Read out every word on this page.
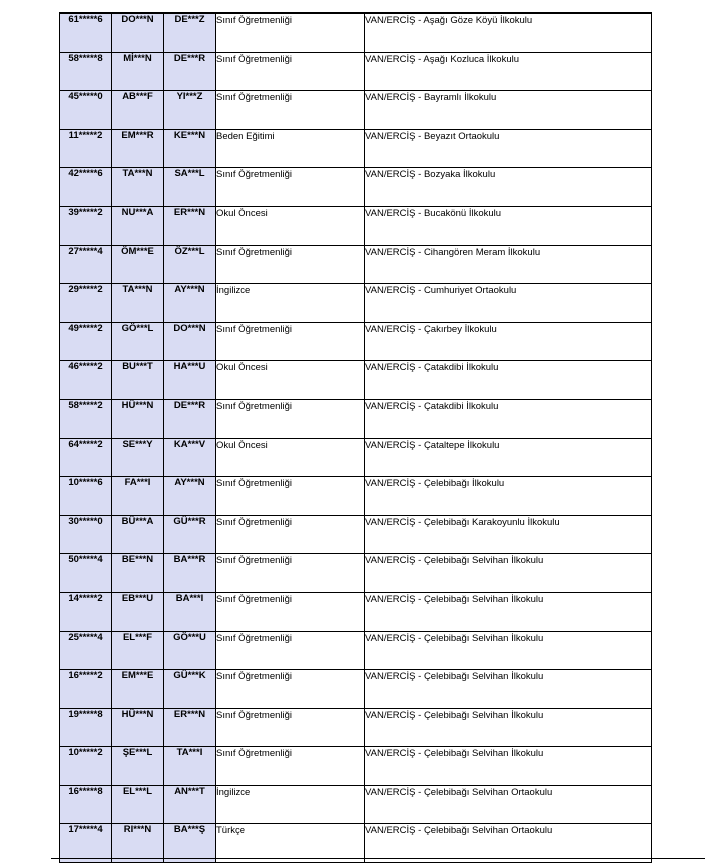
61*****6	DO***N	DE***Z	Sınıf Öğretmenliği	VAN/ERCİŞ - Aşağı Göze Köyü İlkokulu

58*****8	Mİ***N	DE***R	Sınıf Öğretmenliği	VAN/ERCİŞ - Aşağı Kozluca İlkokulu

45*****0	AB***F	YI***Z	Sınıf Öğretmenliği	VAN/ERCİŞ - Bayramlı İlkokulu

11*****2	EM***R	KE***N	Beden Eğitimi	VAN/ERCİŞ - Beyazıt Ortaokulu

42*****6	TA***N	SA***L	Sınıf Öğretmenliği	VAN/ERCİŞ - Bozyaka İlkokulu

39*****2	NU***A	ER***N	Okul Öncesi	VAN/ERCİŞ - Bucakönü İlkokulu

27*****4	ÖM***E	ÖZ***L	Sınıf Öğretmenliği	VAN/ERCİŞ - Cihangören Meram İlkokulu

29*****2	TA***N	AY***N	İngilizce	VAN/ERCİŞ - Cumhuriyet Ortaokulu

49*****2	GÖ***L	DO***N	Sınıf Öğretmenliği	VAN/ERCİŞ - Çakırbey İlkokulu

46*****2	BU***T	HA***U	Okul Öncesi	VAN/ERCİŞ - Çatakdibi İlkokulu

58*****2	HÜ***N	DE***R	Sınıf Öğretmenliği	VAN/ERCİŞ - Çatakdibi İlkokulu

64*****2	SE***Y	KA***V	Okul Öncesi	VAN/ERCİŞ - Çataltepe İlkokulu

10*****6	FA***I	AY***N	Sınıf Öğretmenliği	VAN/ERCİŞ - Çelebibağı İlkokulu

30*****0	BÜ***A	GÜ***R	Sınıf Öğretmenliği	VAN/ERCİŞ - Çelebibağı Karakoyunlu İlkokulu

50*****4	BE***N	BA***R	Sınıf Öğretmenliği	VAN/ERCİŞ - Çelebibağı Selvihan İlkokulu

14*****2	EB***U	BA***I	Sınıf Öğretmenliği	VAN/ERCİŞ - Çelebibağı Selvihan İlkokulu

25*****4	EL***F	GÖ***U	Sınıf Öğretmenliği	VAN/ERCİŞ - Çelebibağı Selvihan İlkokulu

16*****2	EM***E	GÜ***K	Sınıf Öğretmenliği	VAN/ERCİŞ - Çelebibağı Selvihan İlkokulu

19*****8	HÜ***N	ER***N	Sınıf Öğretmenliği	VAN/ERCİŞ - Çelebibağı Selvihan İlkokulu

10*****2	ŞE***L	TA***I	Sınıf Öğretmenliği	VAN/ERCİŞ - Çelebibağı Selvihan İlkokulu

16*****8	EL***L	AN***T	İngilizce	VAN/ERCİŞ - Çelebibağı Selvihan Ortaokulu

17*****4	RI***N	BA***Ş	Türkçe	VAN/ERCİŞ - Çelebibağı Selvihan Ortaokulu
